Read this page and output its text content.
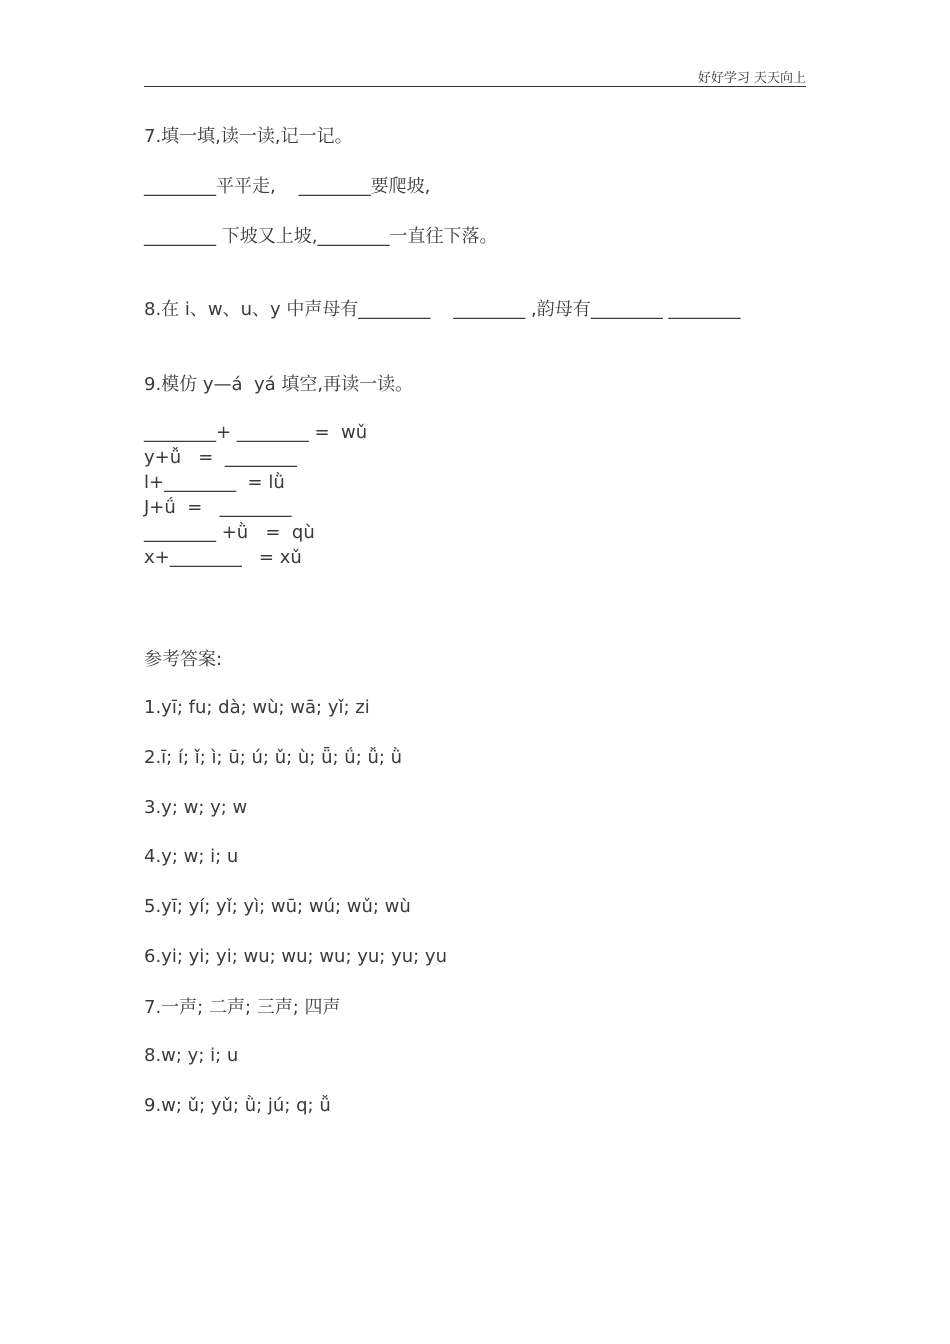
好好学习 天天向上
7.填一填,读一读,记一记。
________平平走,    ________要爬坡,
________ 下坡又上坡,________一直往下落。
8.在 i、w、u、y 中声母有________    ________ ,韵母有________ ________
9.模仿 y—á  yá 填空,再读一读。
________+ ________ =  wǔ
y+ǚ   =  ________
l+________  = lǜ
J+ǘ  =   ________
________ +ǜ   =  qù
x+________   = xǔ
参考答案:
1.yī; fu; dà; wù; wā; yǐ; zi
2.ī; í; ǐ; ì; ū; ú; ǔ; ù; ǖ; ǘ; ǚ; ǜ
3.y; w; y; w
4.y; w; i; u
5.yī; yí; yǐ; yì; wū; wú; wǔ; wù
6.yi; yi; yi; wu; wu; wu; yu; yu; yu
7.一声; 二声; 三声; 四声
8.w; y; i; u
9.w; ǔ; yǔ; ǜ; jú; q; ǚ
